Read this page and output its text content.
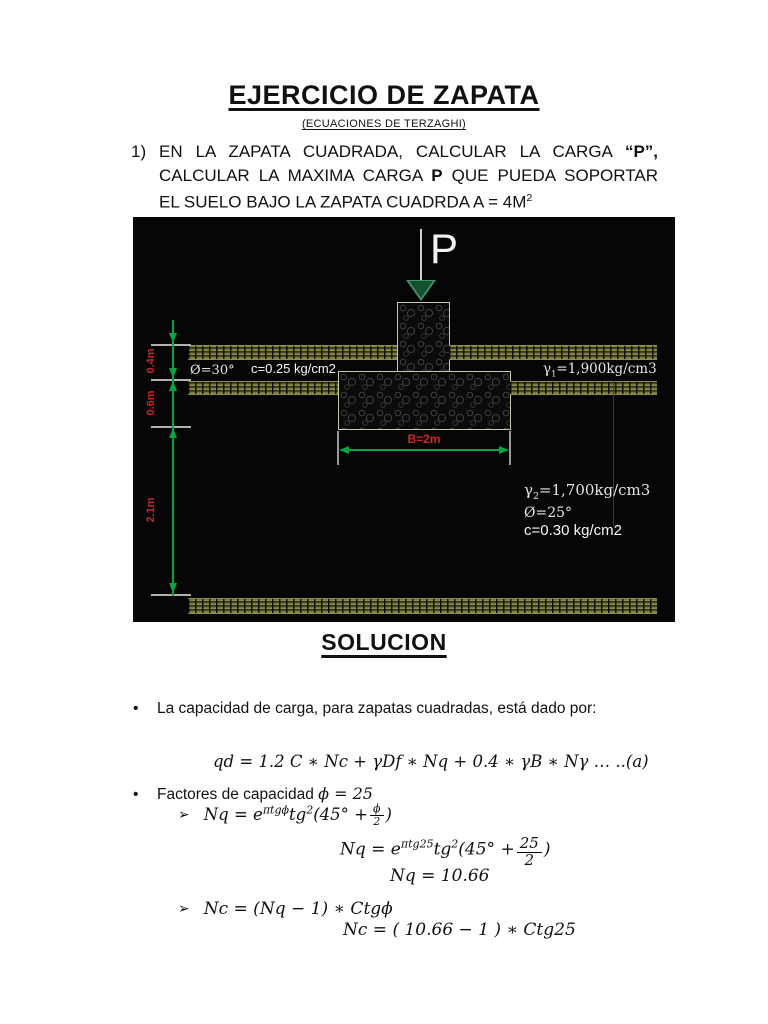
EJERCICIO DE ZAPATA
(ECUACIONES DE TERZAGHI)
1) EN LA ZAPATA CUADRADA, CALCULAR LA CARGA “P”,
CALCULAR LA MAXIMA CARGA P QUE PUEDA SOPORTAR
EL SUELO BAJO LA ZAPATA CUADRDA $A = 4M^2$
P
0.4m
0.6m
2.1m
B=2m
Ø=30° c=0.25 kg/cm2	$\gamma_1=1,900kg/cm3$
$\gamma_2=1,700kg/cm3$
Ø=25°
c=0.30 kg/cm2
SOLUCION
• La capacidad de carga, para zapatas cuadradas, está dado por:
qd = 1.2 C ∗ Nc + γDf ∗ Nq + 0.4 ∗ γB ∗ Nγ … ..(a)
• Factores de capacidad ϕ = 25
➢ $Nq = e^{\pi tg\phi}tg^2(45^\circ + \frac{\phi}{2}$ )
$Nq = e^{\pi tg25}tg^2(45^\circ + \frac{25}{2}$ )
Nq = 10.66
➢ Nc = (Nq − 1) ∗ Ctgϕ
Nc = ( 10.66 − 1 ) ∗ Ctg25
